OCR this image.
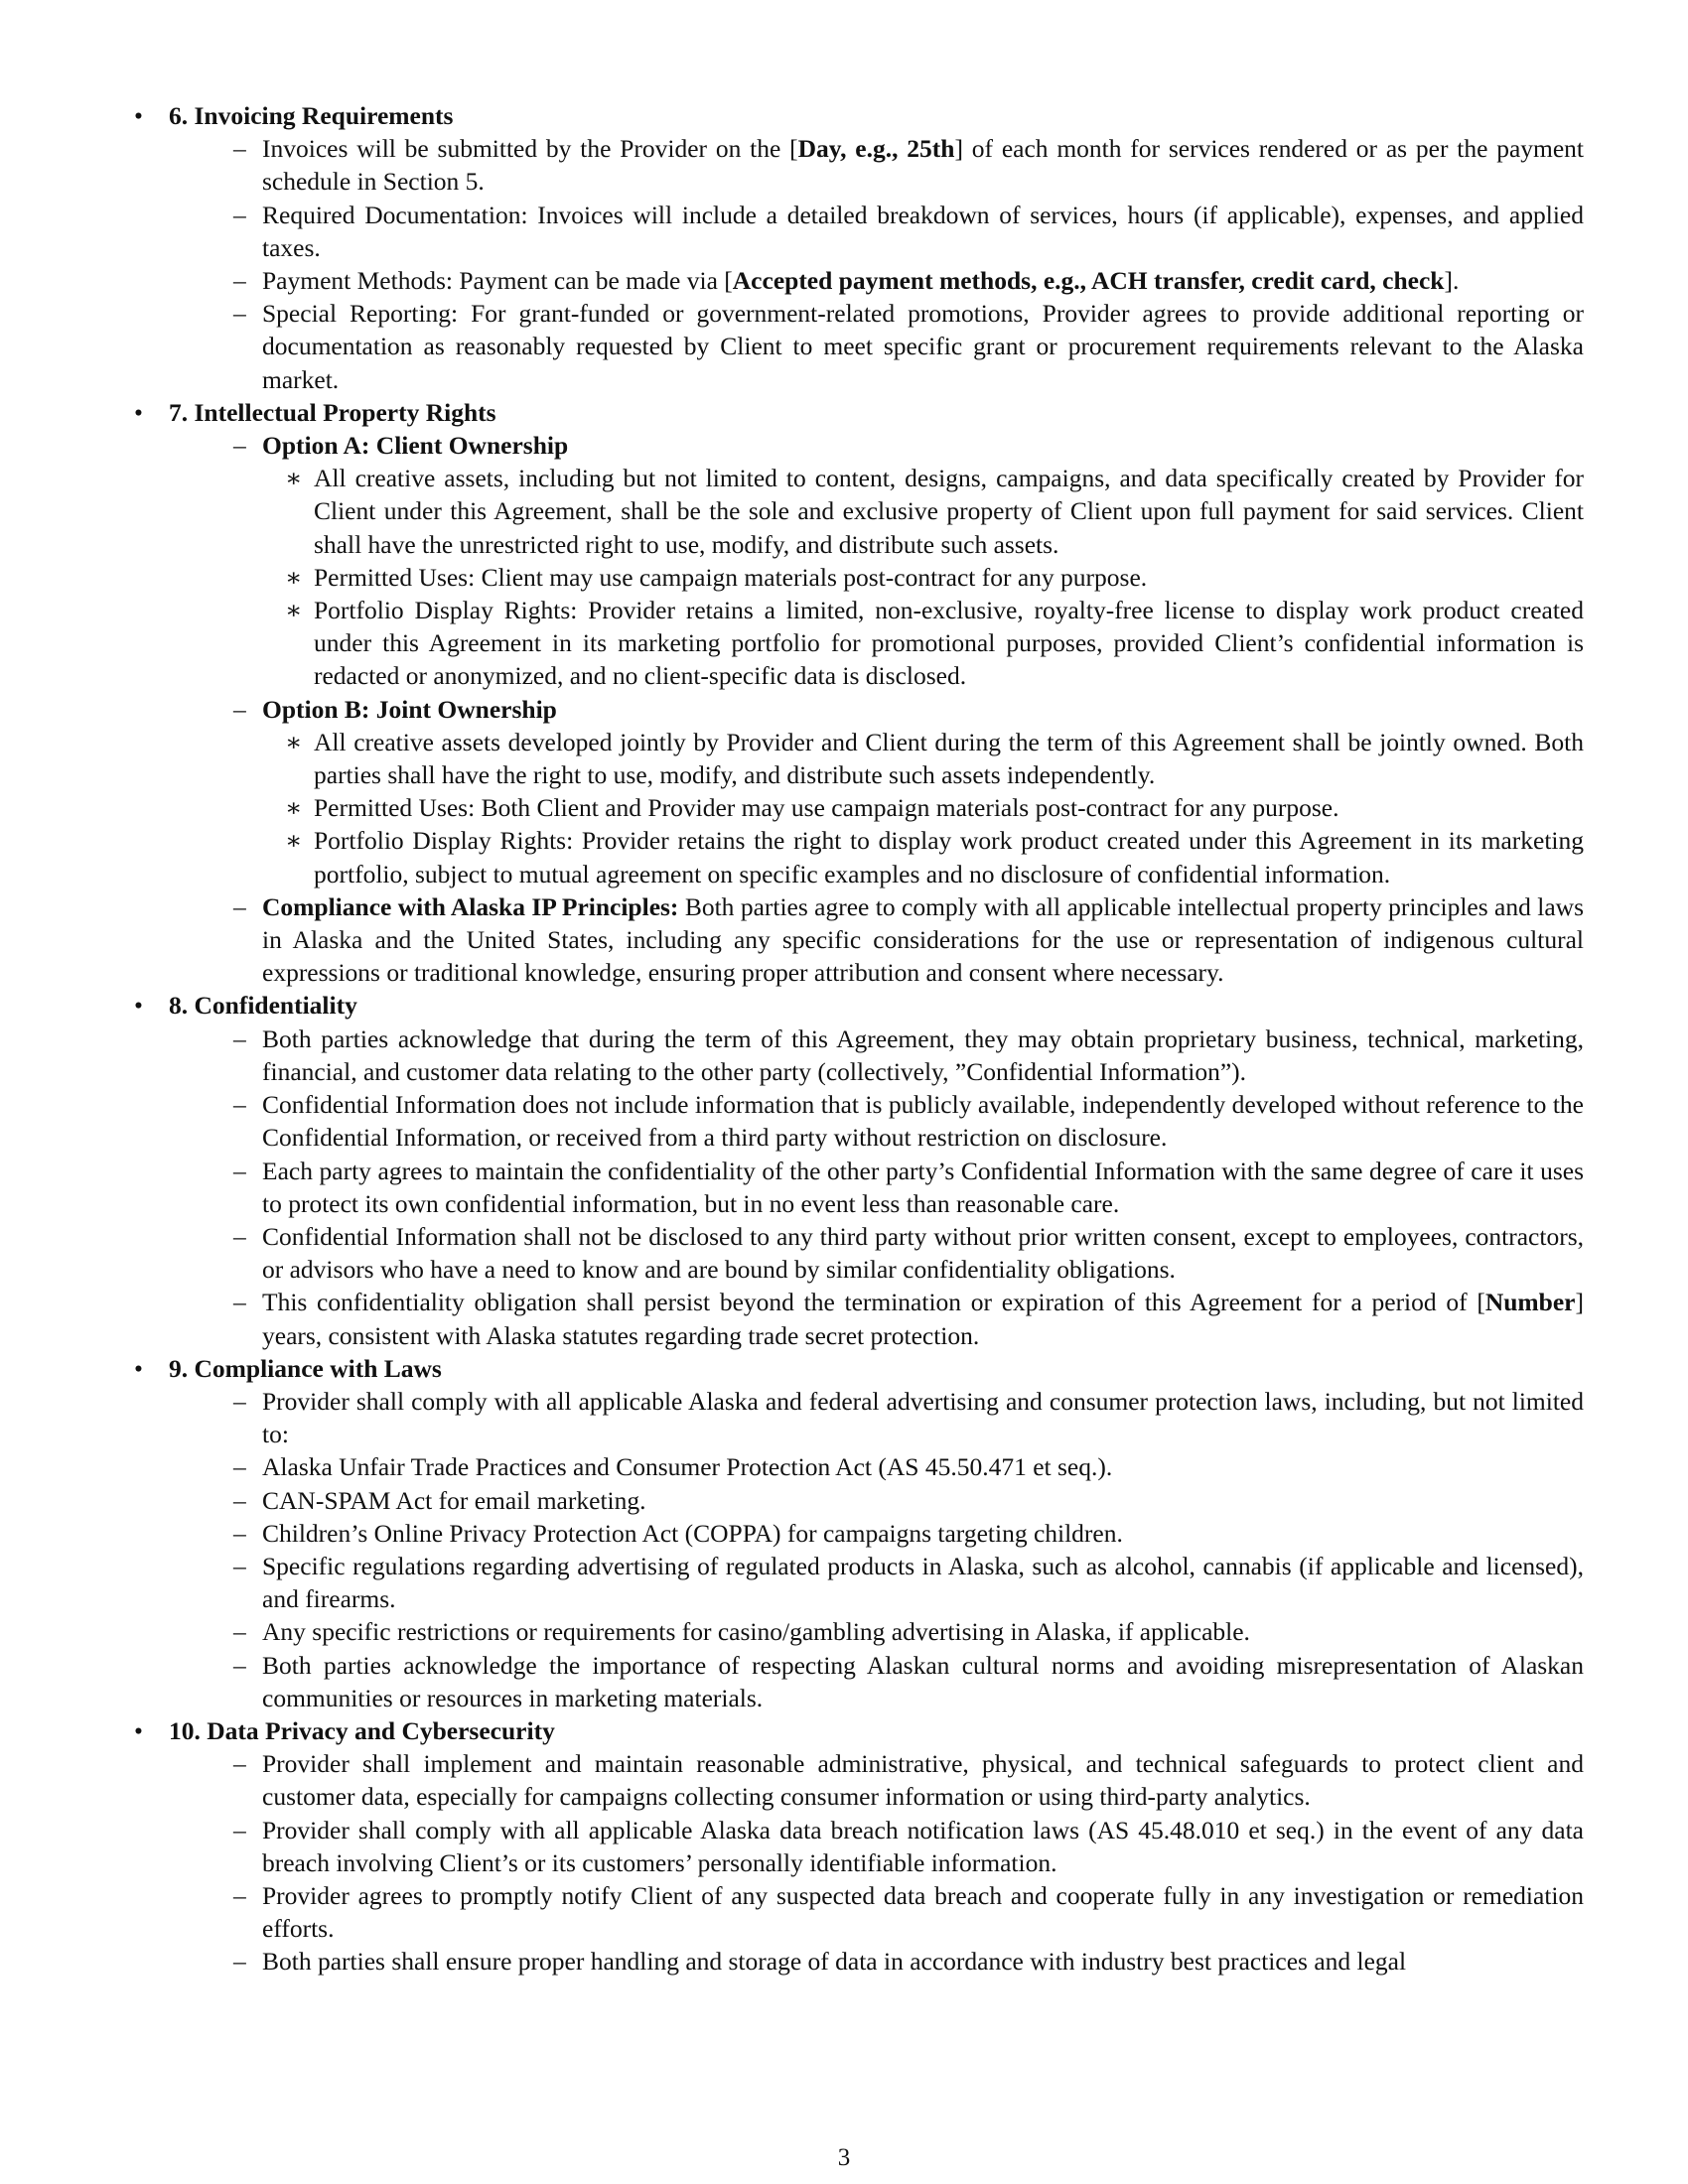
• 6. Invoicing Requirements
– Invoices will be submitted by the Provider on the [Day, e.g., 25th] of each month for services rendered or as per the payment schedule in Section 5.
– Required Documentation: Invoices will include a detailed breakdown of services, hours (if applicable), expenses, and applied taxes.
– Payment Methods: Payment can be made via [Accepted payment methods, e.g., ACH transfer, credit card, check].
– Special Reporting: For grant-funded or government-related promotions, Provider agrees to provide additional reporting or documentation as reasonably requested by Client to meet specific grant or procurement requirements relevant to the Alaska market.
• 7. Intellectual Property Rights
– Option A: Client Ownership
∗ All creative assets, including but not limited to content, designs, campaigns, and data specifically created by Provider for Client under this Agreement, shall be the sole and exclusive property of Client upon full payment for said services. Client shall have the unrestricted right to use, modify, and distribute such assets.
∗ Permitted Uses: Client may use campaign materials post-contract for any purpose.
∗ Portfolio Display Rights: Provider retains a limited, non-exclusive, royalty-free license to display work product created under this Agreement in its marketing portfolio for promotional purposes, provided Client’s confidential information is redacted or anonymized, and no client-specific data is disclosed.
– Option B: Joint Ownership
∗ All creative assets developed jointly by Provider and Client during the term of this Agreement shall be jointly owned. Both parties shall have the right to use, modify, and distribute such assets independently.
∗ Permitted Uses: Both Client and Provider may use campaign materials post-contract for any purpose.
∗ Portfolio Display Rights: Provider retains the right to display work product created under this Agreement in its marketing portfolio, subject to mutual agreement on specific examples and no disclosure of confidential information.
– Compliance with Alaska IP Principles: Both parties agree to comply with all applicable intellectual property principles and laws in Alaska and the United States, including any specific considerations for the use or representation of indigenous cultural expressions or traditional knowledge, ensuring proper attribution and consent where necessary.
• 8. Confidentiality
– Both parties acknowledge that during the term of this Agreement, they may obtain proprietary business, technical, marketing, financial, and customer data relating to the other party (collectively, ”Confidential Information”).
– Confidential Information does not include information that is publicly available, independently developed without reference to the Confidential Information, or received from a third party without restriction on disclosure.
– Each party agrees to maintain the confidentiality of the other party’s Confidential Information with the same degree of care it uses to protect its own confidential information, but in no event less than reasonable care.
– Confidential Information shall not be disclosed to any third party without prior written consent, except to employees, contractors, or advisors who have a need to know and are bound by similar confidentiality obligations.
– This confidentiality obligation shall persist beyond the termination or expiration of this Agreement for a period of [Number] years, consistent with Alaska statutes regarding trade secret protection.
• 9. Compliance with Laws
– Provider shall comply with all applicable Alaska and federal advertising and consumer protection laws, including, but not limited to:
– Alaska Unfair Trade Practices and Consumer Protection Act (AS 45.50.471 et seq.).
– CAN-SPAM Act for email marketing.
– Children’s Online Privacy Protection Act (COPPA) for campaigns targeting children.
– Specific regulations regarding advertising of regulated products in Alaska, such as alcohol, cannabis (if applicable and licensed), and firearms.
– Any specific restrictions or requirements for casino/gambling advertising in Alaska, if applicable.
– Both parties acknowledge the importance of respecting Alaskan cultural norms and avoiding misrepresentation of Alaskan communities or resources in marketing materials.
• 10. Data Privacy and Cybersecurity
– Provider shall implement and maintain reasonable administrative, physical, and technical safeguards to protect client and customer data, especially for campaigns collecting consumer information or using third-party analytics.
– Provider shall comply with all applicable Alaska data breach notification laws (AS 45.48.010 et seq.) in the event of any data breach involving Client’s or its customers’ personally identifiable information.
– Provider agrees to promptly notify Client of any suspected data breach and cooperate fully in any investigation or remediation efforts.
– Both parties shall ensure proper handling and storage of data in accordance with industry best practices and legal
3
